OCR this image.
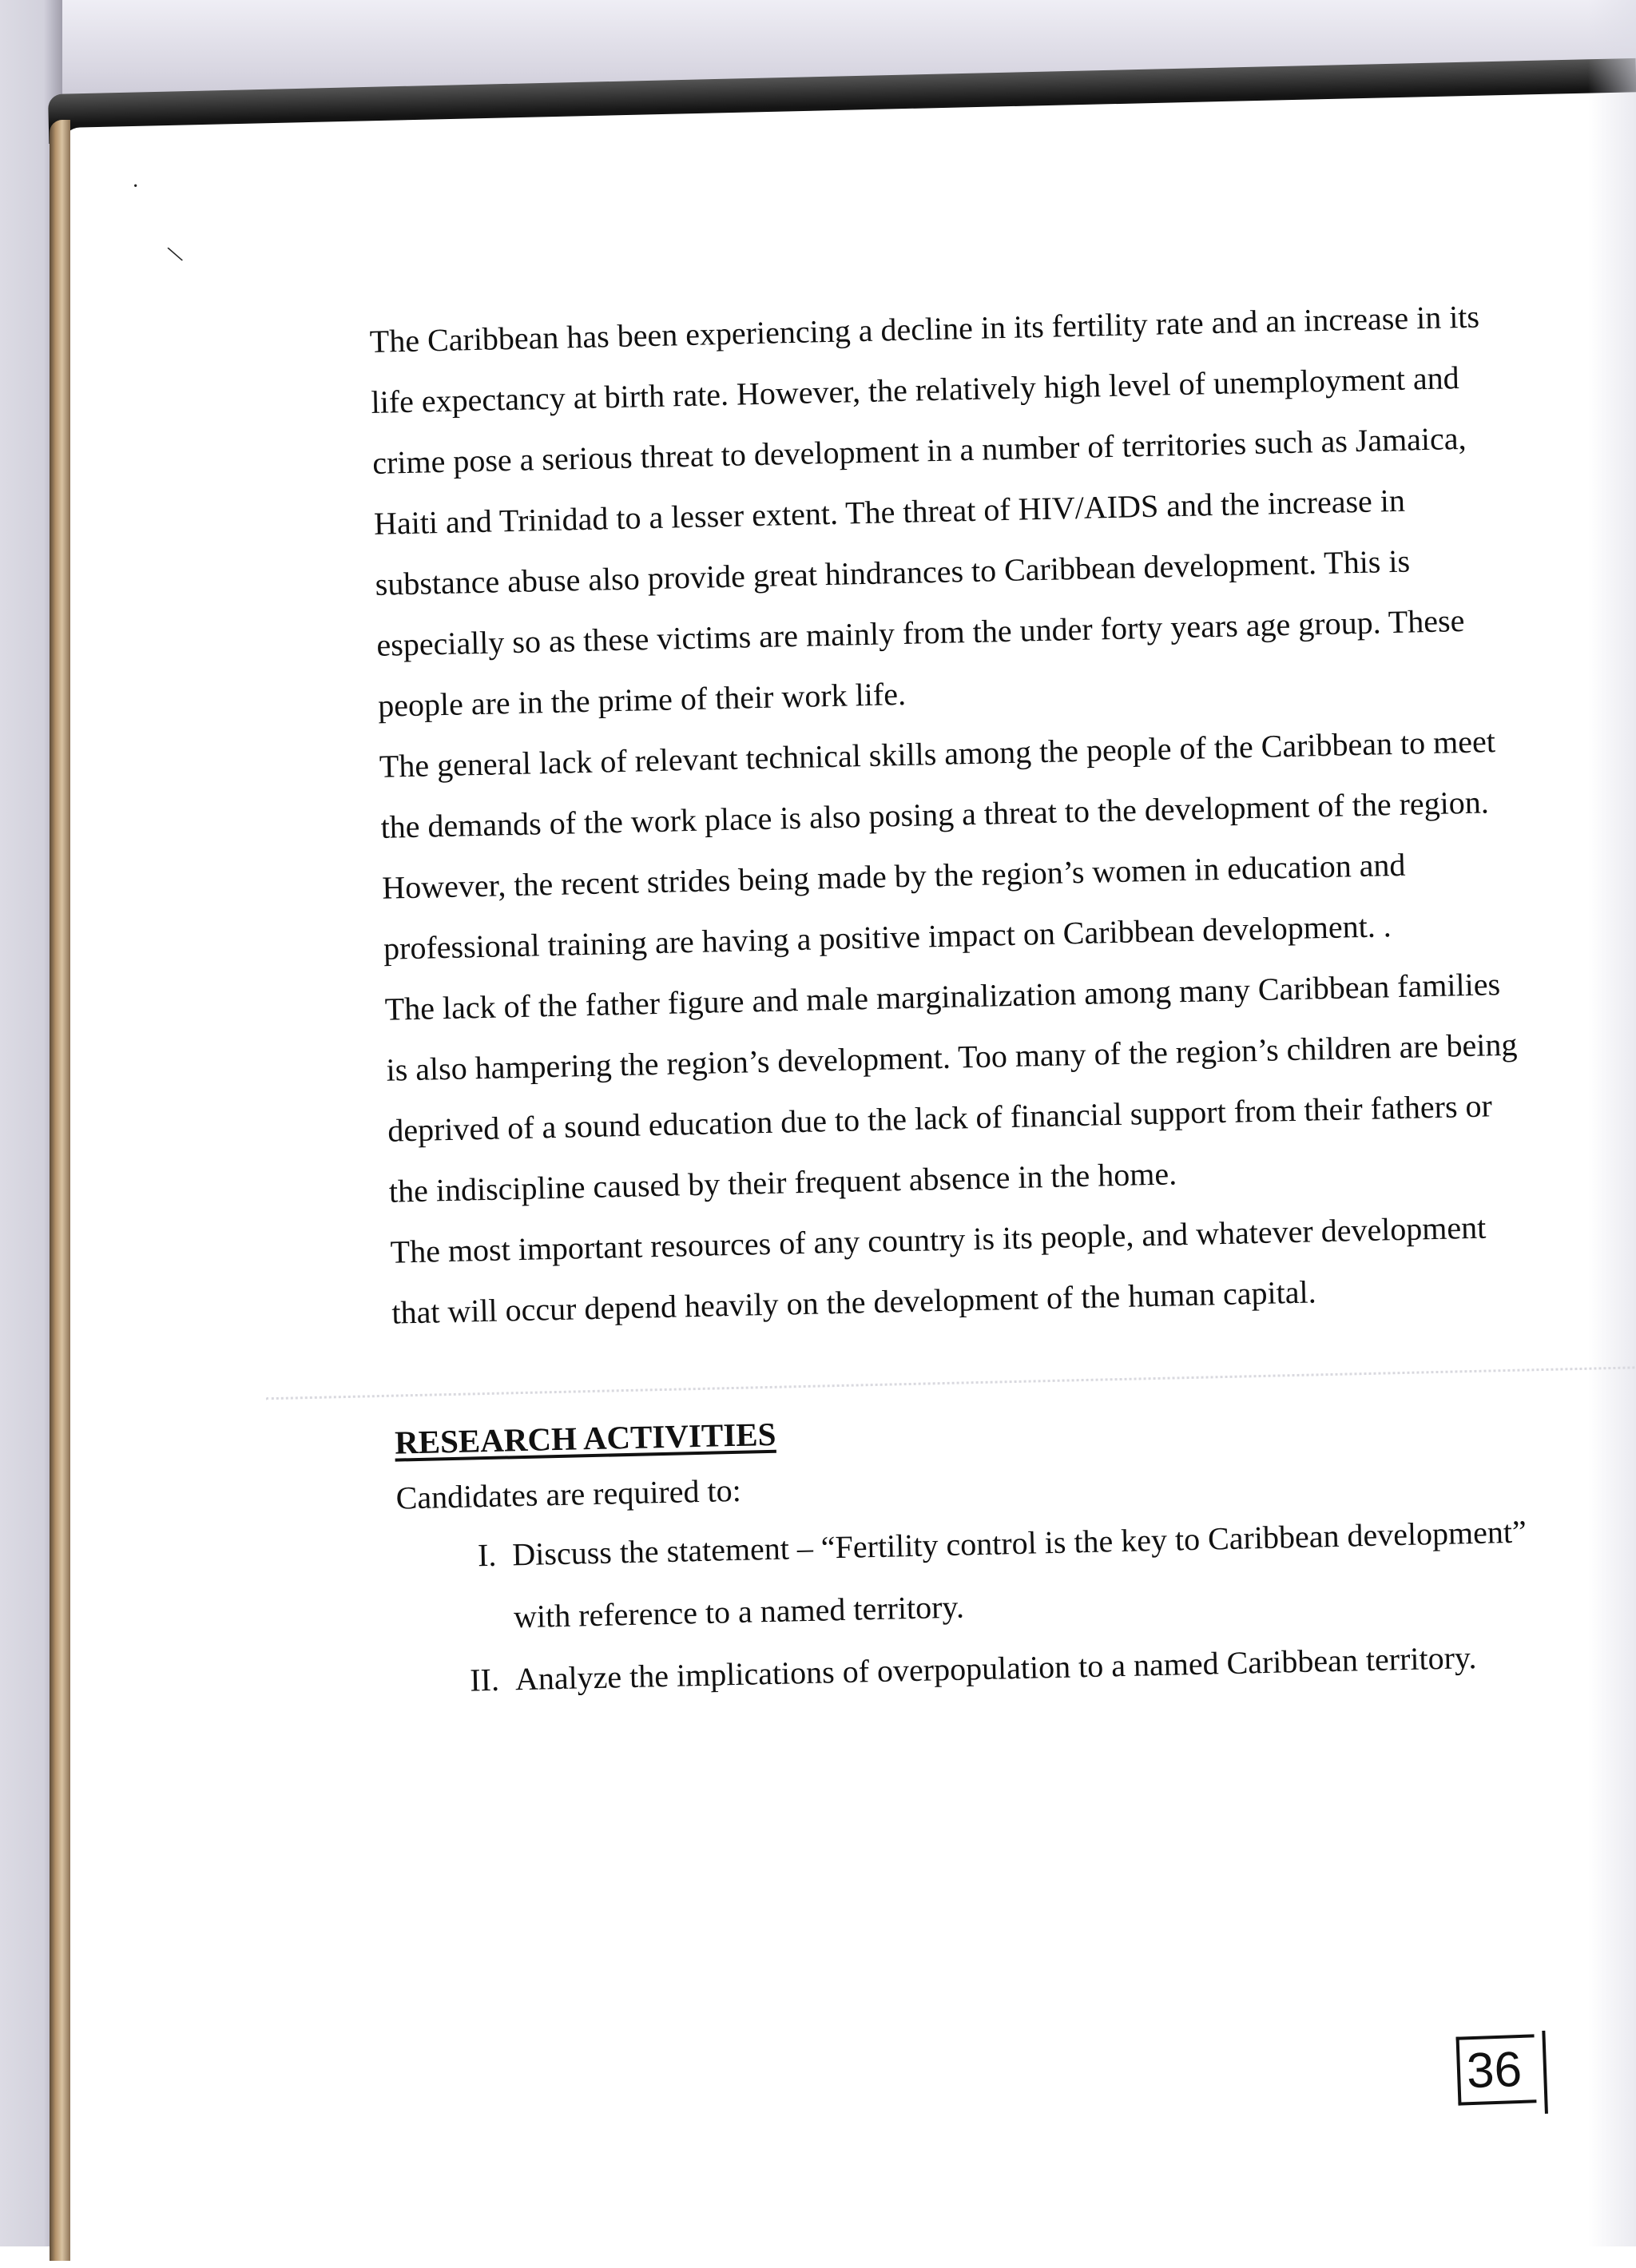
·
\

The Caribbean has been experiencing a decline in its fertility rate and an increase in its life expectancy at birth rate. However, the relatively high level of unemployment and crime pose a serious threat to development in a number of territories such as Jamaica, Haiti and Trinidad to a lesser extent. The threat of HIV/AIDS and the increase in substance abuse also provide great hindrances to Caribbean development. This is especially so as these victims are mainly from the under forty years age group. These people are in the prime of their work life.

The general lack of relevant technical skills among the people of the Caribbean to meet the demands of the work place is also posing a threat to the development of the region.

However, the recent strides being made by the region’s women in education and professional training are having a positive impact on Caribbean development. .

The lack of the father figure and male marginalization among many Caribbean families is also hampering the region’s development. Too many of the region’s children are being deprived of a sound education due to the lack of financial support from their fathers or the indiscipline caused by their frequent absence in the home.

The most important resources of any country is its people, and whatever development that will occur depend heavily on the development of the human capital.

RESEARCH ACTIVITIES

Candidates are required to:

I. Discuss the statement – “Fertility control is the key to Caribbean development” with reference to a named territory.
II. Analyze the implications of overpopulation to a named Caribbean territory.
36
